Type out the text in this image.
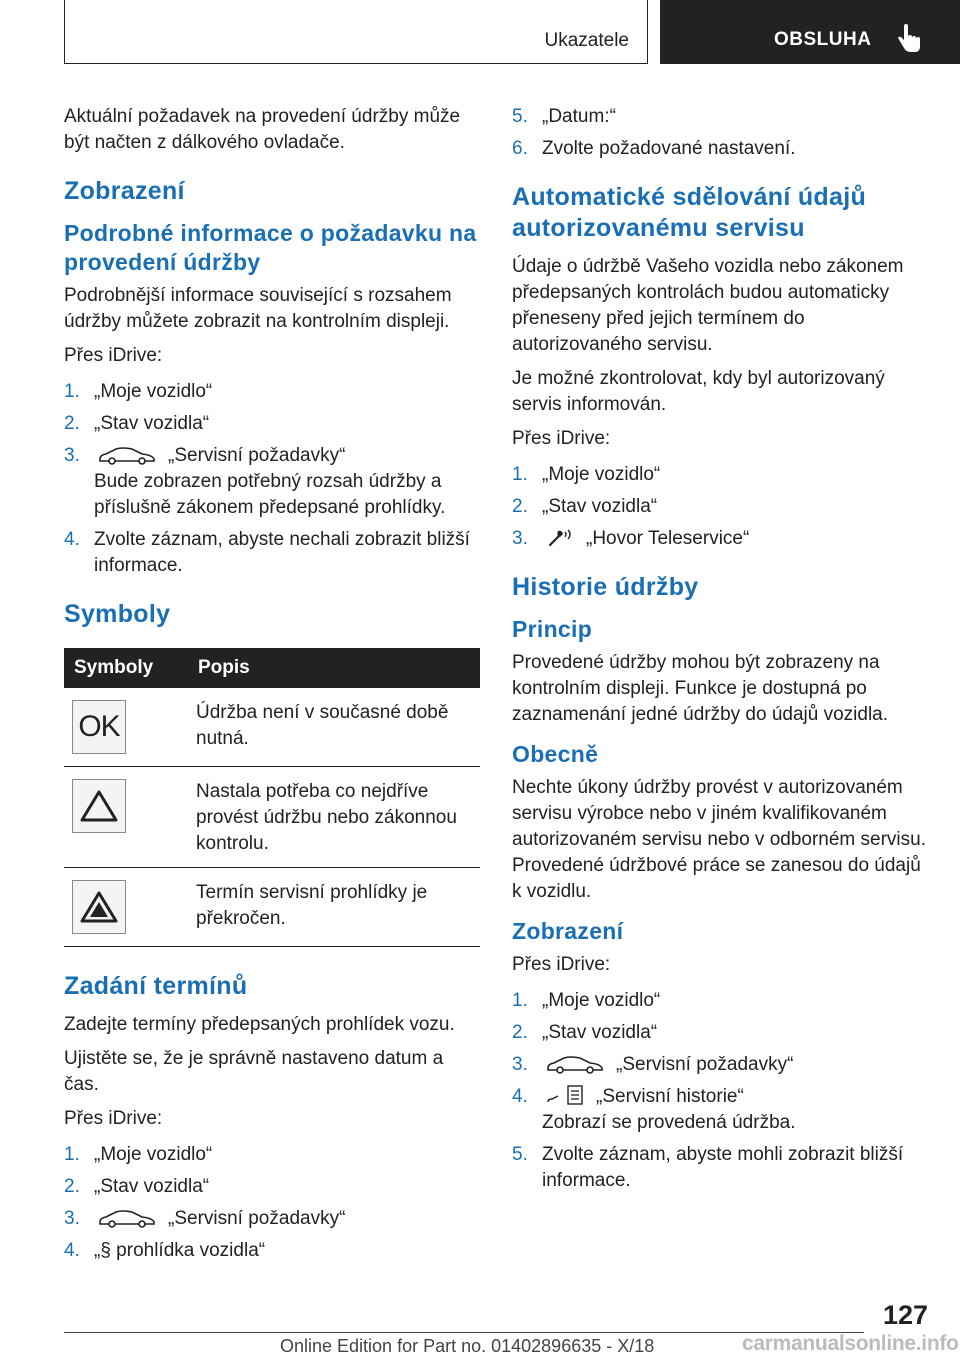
Ukazatele	OBSLUHA

Aktuální požadavek na provedení údržby může být načten z dálkového ovladače.

Zobrazení
Podrobné informace o požadavku na provedení údržby

Podrobnější informace související s rozsahem údržby můžete zobrazit na kontrolním displeji.

Přes iDrive:

1. „Moje vozidlo“
2. „Stav vozidla“
3.	„Servisní požadavky“
Bude zobrazen potřebný rozsah údržby a příslušně zákonem předepsané prohlídky.
4. Zvolte záznam, abyste nechali zobrazit bližší informace.
Symboly
Symboly	Popis

OK	Údržba není v současné době nutná.

	Nastala potřeba co nejdříve provést údržbu nebo zákonnou kontrolu.

	Termín servisní prohlídky je překročen.
Zadání termínů

Zadejte termíny předepsaných prohlídek vozu.

Ujistěte se, že je správně nastaveno datum a čas.

Přes iDrive:

1. „Moje vozidlo“
2. „Stav vozidla“
3.	„Servisní požadavky“
4. „§ prohlídka vozidla“
5. „Datum:“
6. Zvolte požadované nastavení.
Automatické sdělování údajů autorizovanému servisu

Údaje o údržbě Vašeho vozidla nebo zákonem předepsaných kontrolách budou automaticky přeneseny před jejich termínem do autorizovaného servisu.

Je možné zkontrolovat, kdy byl autorizovaný servis informován.

Přes iDrive:

1. „Moje vozidlo“
2. „Stav vozidla“
3.	„Hovor Teleservice“
Historie údržby
Princip

Provedené údržby mohou být zobrazeny na kontrolním displeji. Funkce je dostupná po zaznamenání jedné údržby do údajů vozidla.

Obecně

Nechte úkony údržby provést v autorizovaném servisu výrobce nebo v jiném kvalifikovaném autorizovaném servisu nebo v odborném servisu. Provedené údržbové práce se zanesou do údajů k vozidlu.

Zobrazení

Přes iDrive:

1. „Moje vozidlo“
2. „Stav vozidla“
3.	„Servisní požadavky“
4.	„Servisní historie“
Zobrazí se provedená údržba.
5. Zvolte záznam, abyste mohli zobrazit bližší informace.
127
Online Edition for Part no. 01402896635 - X/18	carmanualsonline.info
